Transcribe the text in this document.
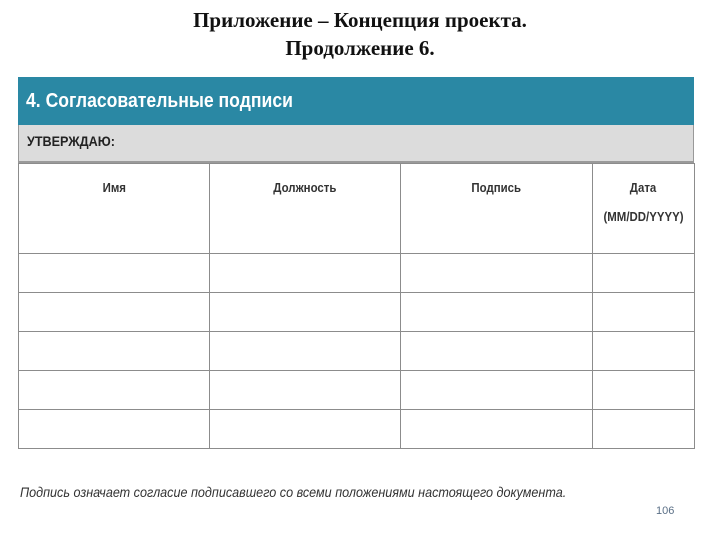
Приложение – Концепция проекта.
Продолжение 6.
4. Согласовательные подписи
УТВЕРЖДАЮ:
Имя	Должность	Подпись	Дата
(MM/DD/YYYY)

Подпись означает согласие подписавшего со всеми положениями настоящего документа.
106
